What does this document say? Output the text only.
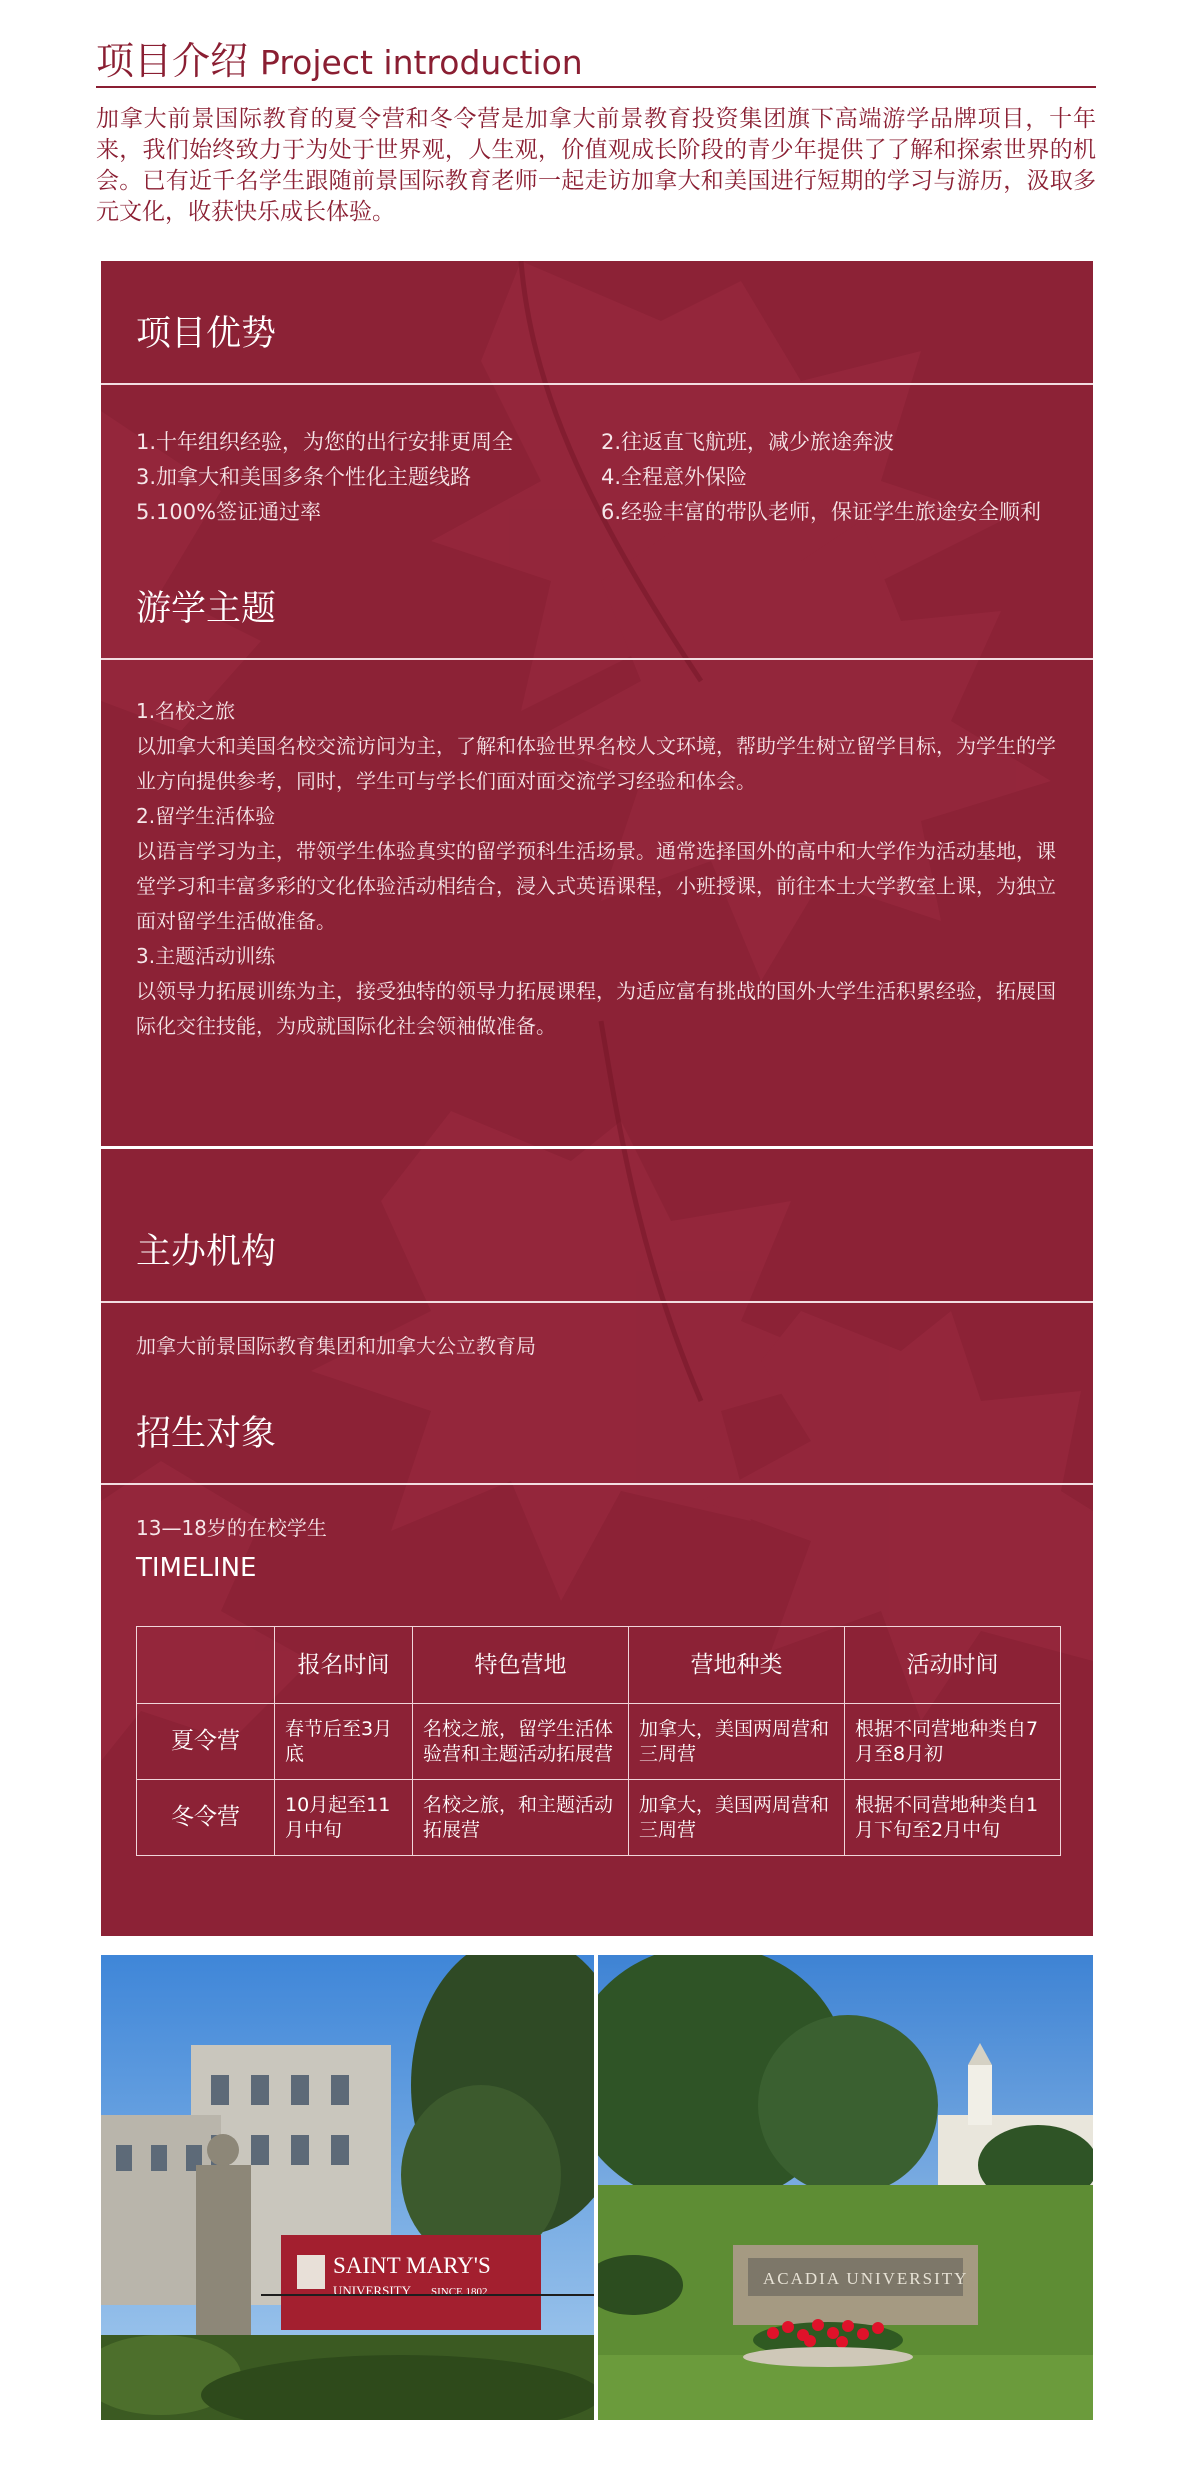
项目介绍 Project introduction
加拿大前景国际教育的夏令营和冬令营是加拿大前景教育投资集团旗下高端游学品牌项目，十年来，我们始终致力于为处于世界观，人生观，价值观成长阶段的青少年提供了了解和探索世界的机会。已有近千名学生跟随前景国际教育老师一起走访加拿大和美国进行短期的学习与游历，汲取多元文化，收获快乐成长体验。
项目优势
1.十年组织经验，为您的出行安排更周全	2.往返直飞航班，减少旅途奔波
3.加拿大和美国多条个性化主题线路	4.全程意外保险
5.100%签证通过率	6.经验丰富的带队老师，保证学生旅途安全顺利
游学主题

1.名校之旅

以加拿大和美国名校交流访问为主，了解和体验世界名校人文环境，帮助学生树立留学目标，为学生的学业方向提供参考，同时，学生可与学长们面对面交流学习经验和体会。

2.留学生活体验

以语言学习为主，带领学生体验真实的留学预科生活场景。通常选择国外的高中和大学作为活动基地，课堂学习和丰富多彩的文化体验活动相结合，浸入式英语课程，小班授课，前往本土大学教室上课，为独立面对留学生活做准备。

3.主题活动训练

以领导力拓展训练为主，接受独特的领导力拓展课程，为适应富有挑战的国外大学生活积累经验，拓展国际化交往技能，为成就国际化社会领袖做准备。

主办机构
加拿大前景国际教育集团和加拿大公立教育局
招生对象
13—18岁的在校学生
TIMELINE
	报名时间	特色营地	营地种类	活动时间
夏令营	春节后至3月底	名校之旅，留学生活体验营和主题活动拓展营	加拿大，美国两周营和三周营	根据不同营地种类自7月至8月初
冬令营	10月起至11月中旬	名校之旅，和主题活动拓展营	加拿大，美国两周营和三周营	根据不同营地种类自1月下旬至2月中旬
SAINT MARY'S
UNIVERSITY SINCE 1802
ACADIA UNIVERSITY
